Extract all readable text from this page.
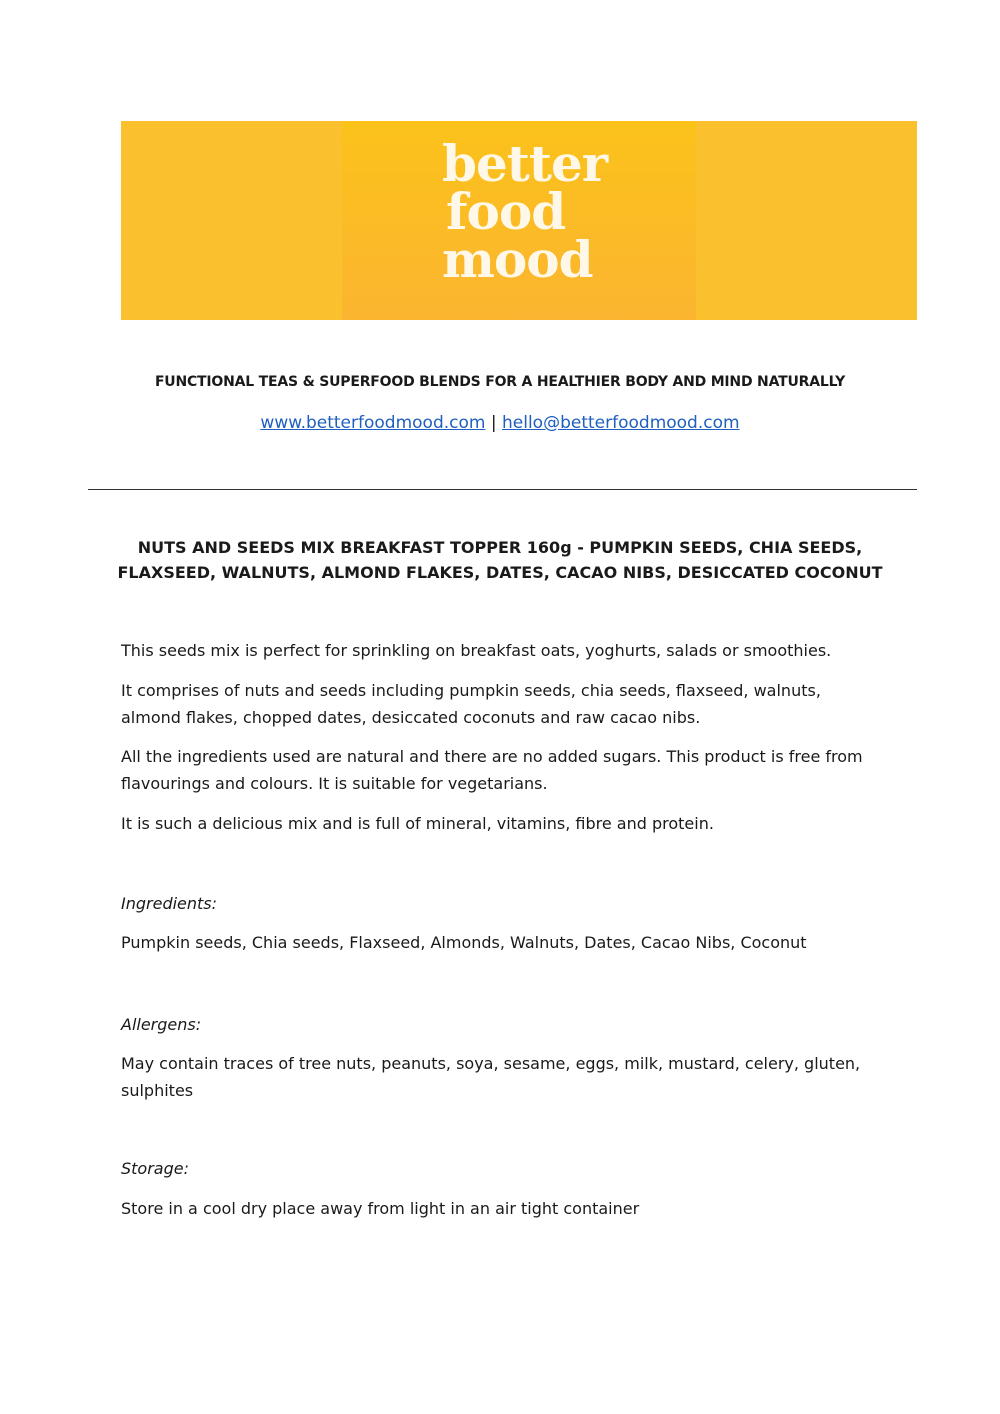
better

food

mood

FUNCTIONAL TEAS & SUPERFOOD BLENDS FOR A HEALTHIER BODY AND MIND NATURALLY

www.betterfoodmood.com | hello@betterfoodmood.com

NUTS AND SEEDS MIX BREAKFAST TOPPER 160g - PUMPKIN SEEDS, CHIA SEEDS,
FLAXSEED, WALNUTS, ALMOND FLAKES, DATES, CACAO NIBS, DESICCATED COCONUT

This seeds mix is perfect for sprinkling on breakfast oats, yoghurts, salads or smoothies.

It comprises of nuts and seeds including pumpkin seeds, chia seeds, flaxseed, walnuts, almond flakes, chopped dates, desiccated coconuts and raw cacao nibs.

All the ingredients used are natural and there are no added sugars. This product is free from flavourings and colours. It is suitable for vegetarians.

It is such a delicious mix and is full of mineral, vitamins, fibre and protein.

Ingredients:

Pumpkin seeds, Chia seeds, Flaxseed, Almonds, Walnuts, Dates, Cacao Nibs, Coconut

Allergens:

May contain traces of tree nuts, peanuts, soya, sesame, eggs, milk, mustard, celery, gluten, sulphites

Storage:

Store in a cool dry place away from light in an air tight container
